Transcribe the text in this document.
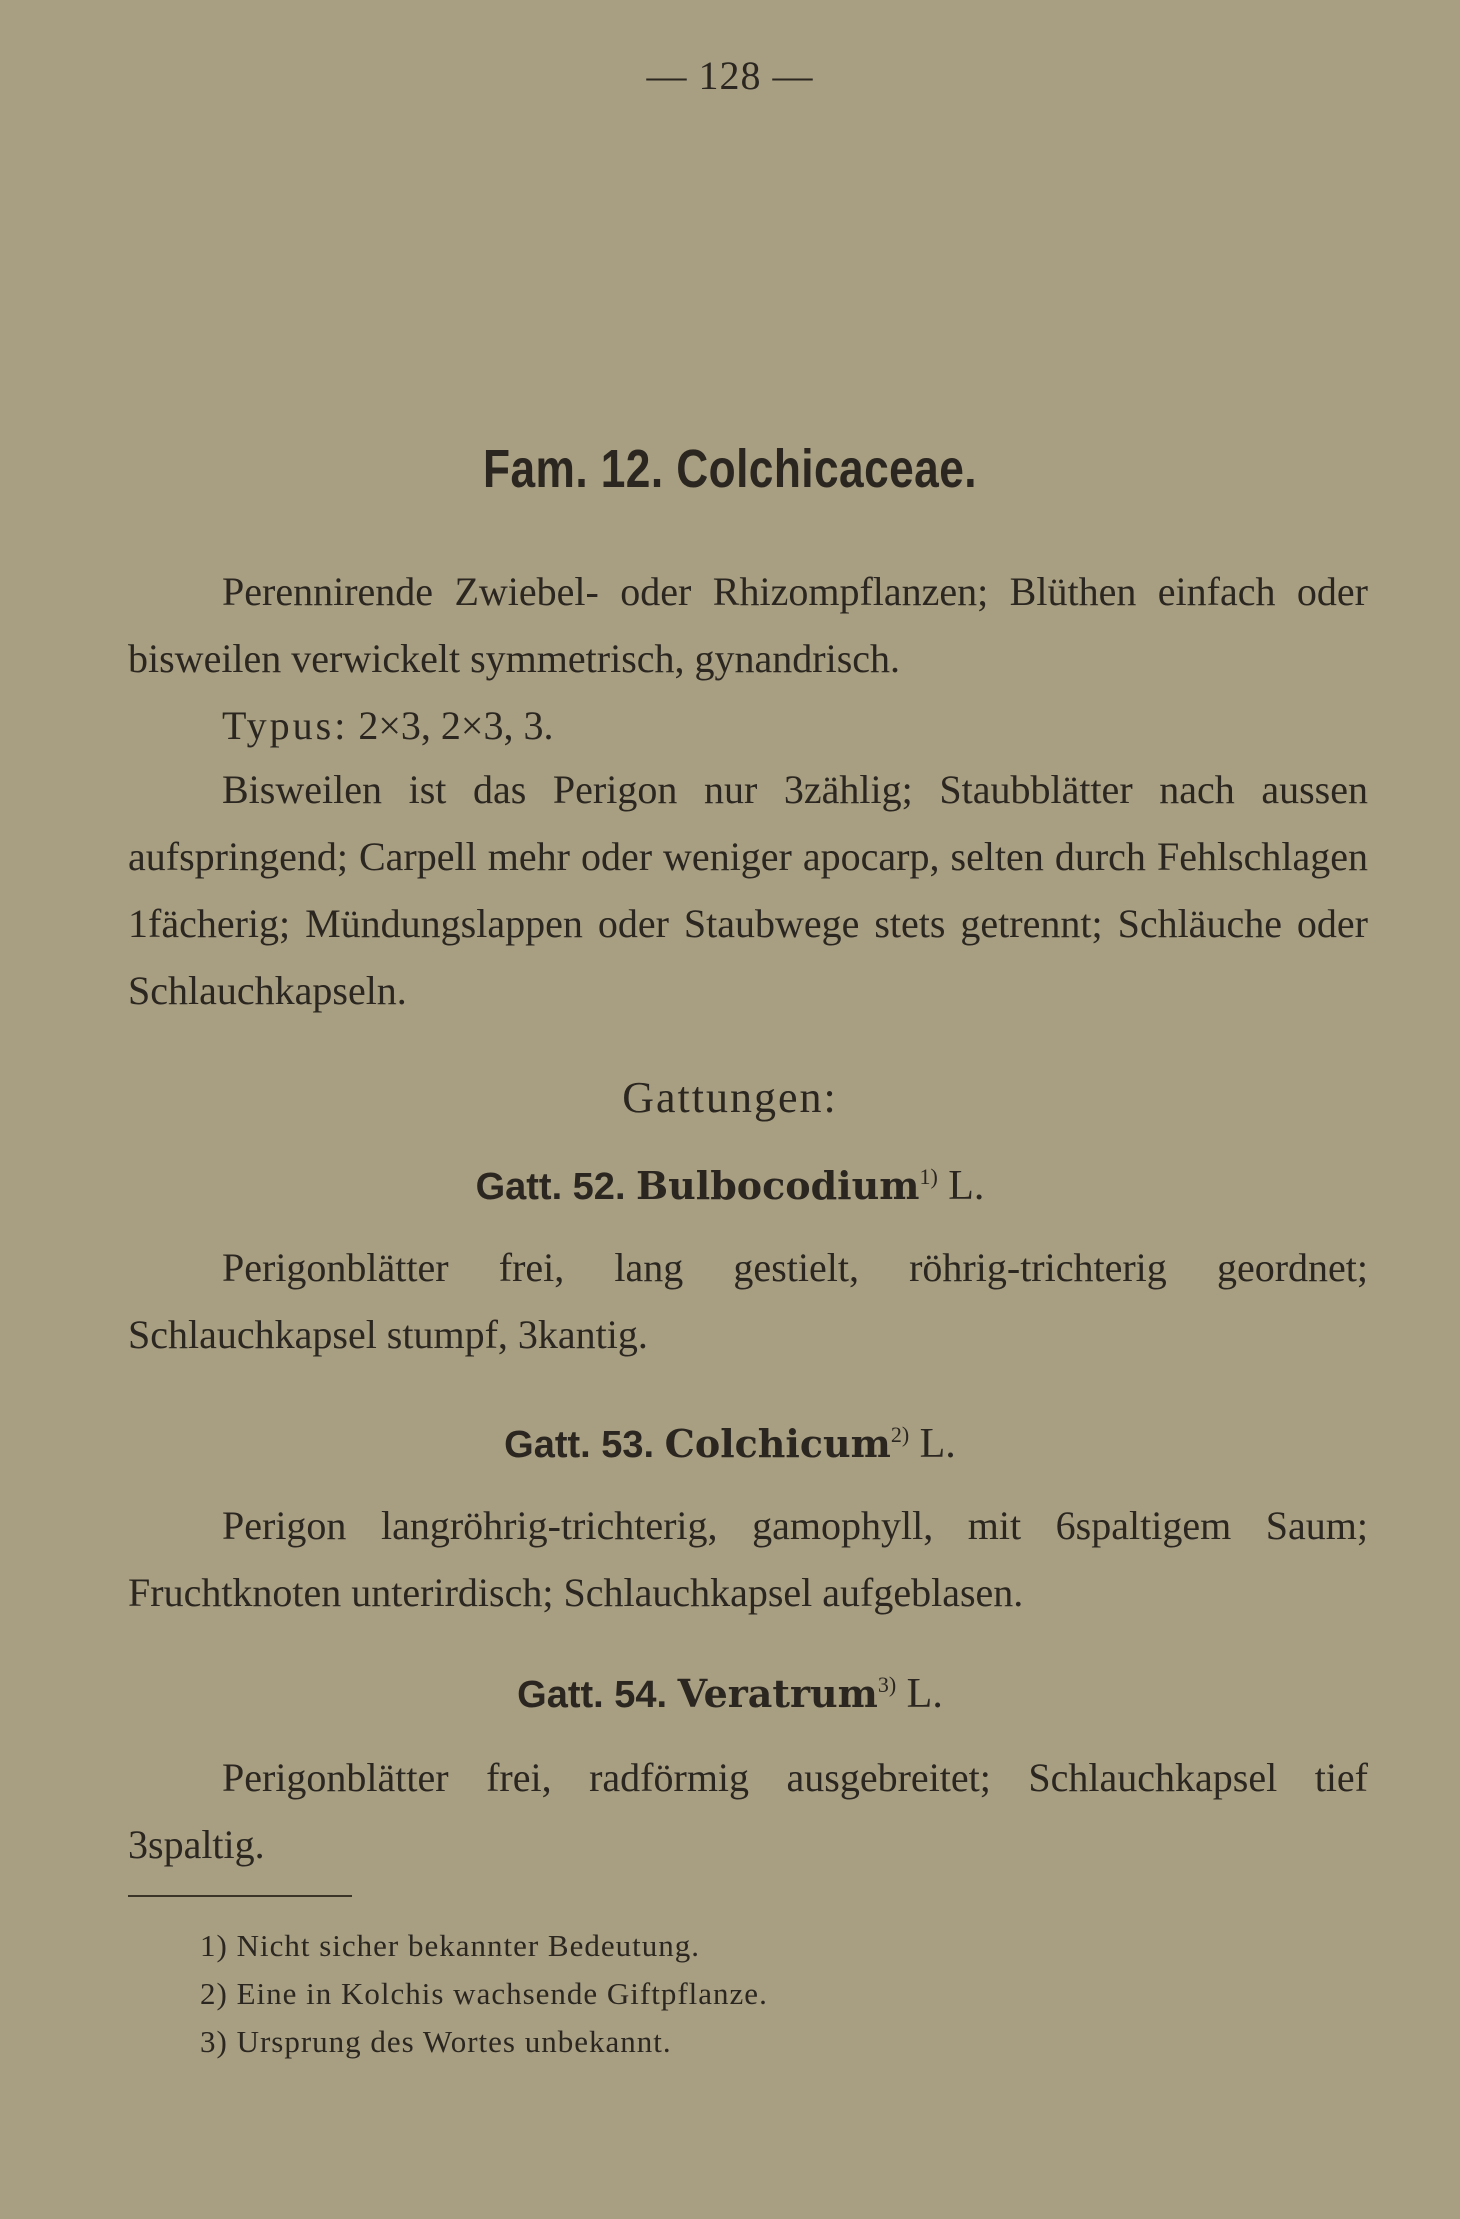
— 128 —
Fam. 12. Colchicaceae.
Perennirende Zwiebel- oder Rhizompflanzen; Blüthen einfach oder bisweilen verwickelt symmetrisch, gynandrisch.
Typus: 2×3, 2×3, 3.
Bisweilen ist das Perigon nur 3zählig; Staubblätter nach aussen aufspringend; Carpell mehr oder weniger apocarp, selten durch Fehlschlagen 1fächerig; Mündungslappen oder Staubwege stets getrennt; Schläuche oder Schlauchkapseln.
Gattungen:
Gatt. 52. Bulbocodium$^{1)}$ L.
Perigonblätter frei, lang gestielt, röhrig-trichterig geordnet; Schlauchkapsel stumpf, 3kantig.
Gatt. 53. Colchicum$^{2)}$ L.
Perigon langröhrig-trichterig, gamophyll, mit 6spaltigem Saum; Fruchtknoten unterirdisch; Schlauchkapsel aufgeblasen.
Gatt. 54. Veratrum$^{3)}$ L.
Perigonblätter frei, radförmig ausgebreitet; Schlauchkapsel tief 3spaltig.
1) Nicht sicher bekannter Bedeutung.
2) Eine in Kolchis wachsende Giftpflanze.
3) Ursprung des Wortes unbekannt.
